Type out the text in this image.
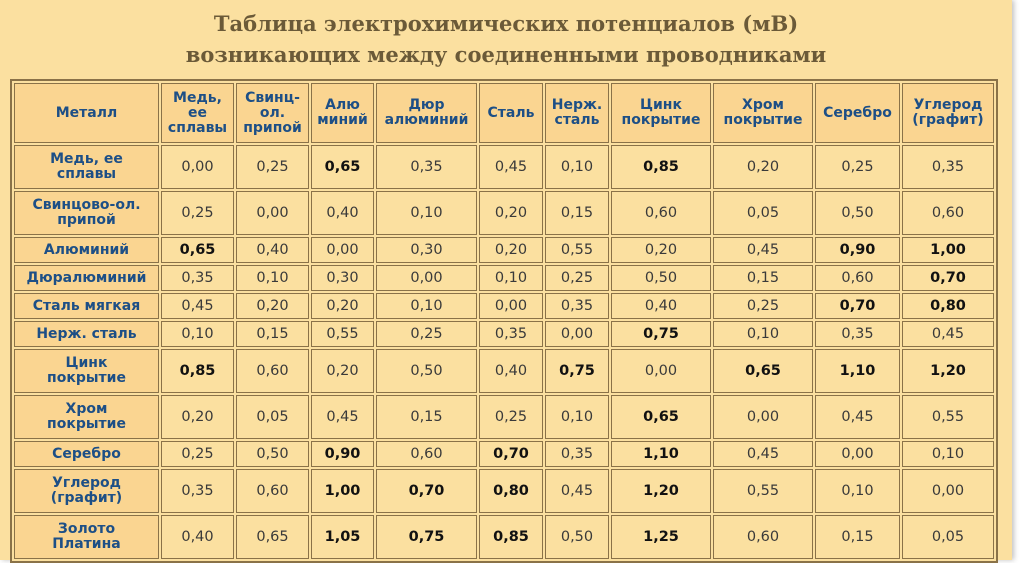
Таблица электрохимических потенциалов (мВ)
возникающих между соединенными проводниками
Металл	Медь,
ее
сплавы	Свинц-
ол.
припой	Алю
миний	Дюр
алюминий	Сталь	Нерж.
сталь	Цинк
покрытие	Хром
покрытие	Серебро	Углерод
(графит)
Медь, ее
сплавы	0,00	0,25	0,65	0,35	0,45	0,10	0,85	0,20	0,25	0,35
Свинцово-ол.
припой	0,25	0,00	0,40	0,10	0,20	0,15	0,60	0,05	0,50	0,60
Алюминий	0,65	0,40	0,00	0,30	0,20	0,55	0,20	0,45	0,90	1,00
Дюралюминий	0,35	0,10	0,30	0,00	0,10	0,25	0,50	0,15	0,60	0,70
Сталь мягкая	0,45	0,20	0,20	0,10	0,00	0,35	0,40	0,25	0,70	0,80
Нерж. сталь	0,10	0,15	0,55	0,25	0,35	0,00	0,75	0,10	0,35	0,45
Цинк
покрытие	0,85	0,60	0,20	0,50	0,40	0,75	0,00	0,65	1,10	1,20
Хром
покрытие	0,20	0,05	0,45	0,15	0,25	0,10	0,65	0,00	0,45	0,55
Серебро	0,25	0,50	0,90	0,60	0,70	0,35	1,10	0,45	0,00	0,10
Углерод
(графит)	0,35	0,60	1,00	0,70	0,80	0,45	1,20	0,55	0,10	0,00
Золото
Платина	0,40	0,65	1,05	0,75	0,85	0,50	1,25	0,60	0,15	0,05
